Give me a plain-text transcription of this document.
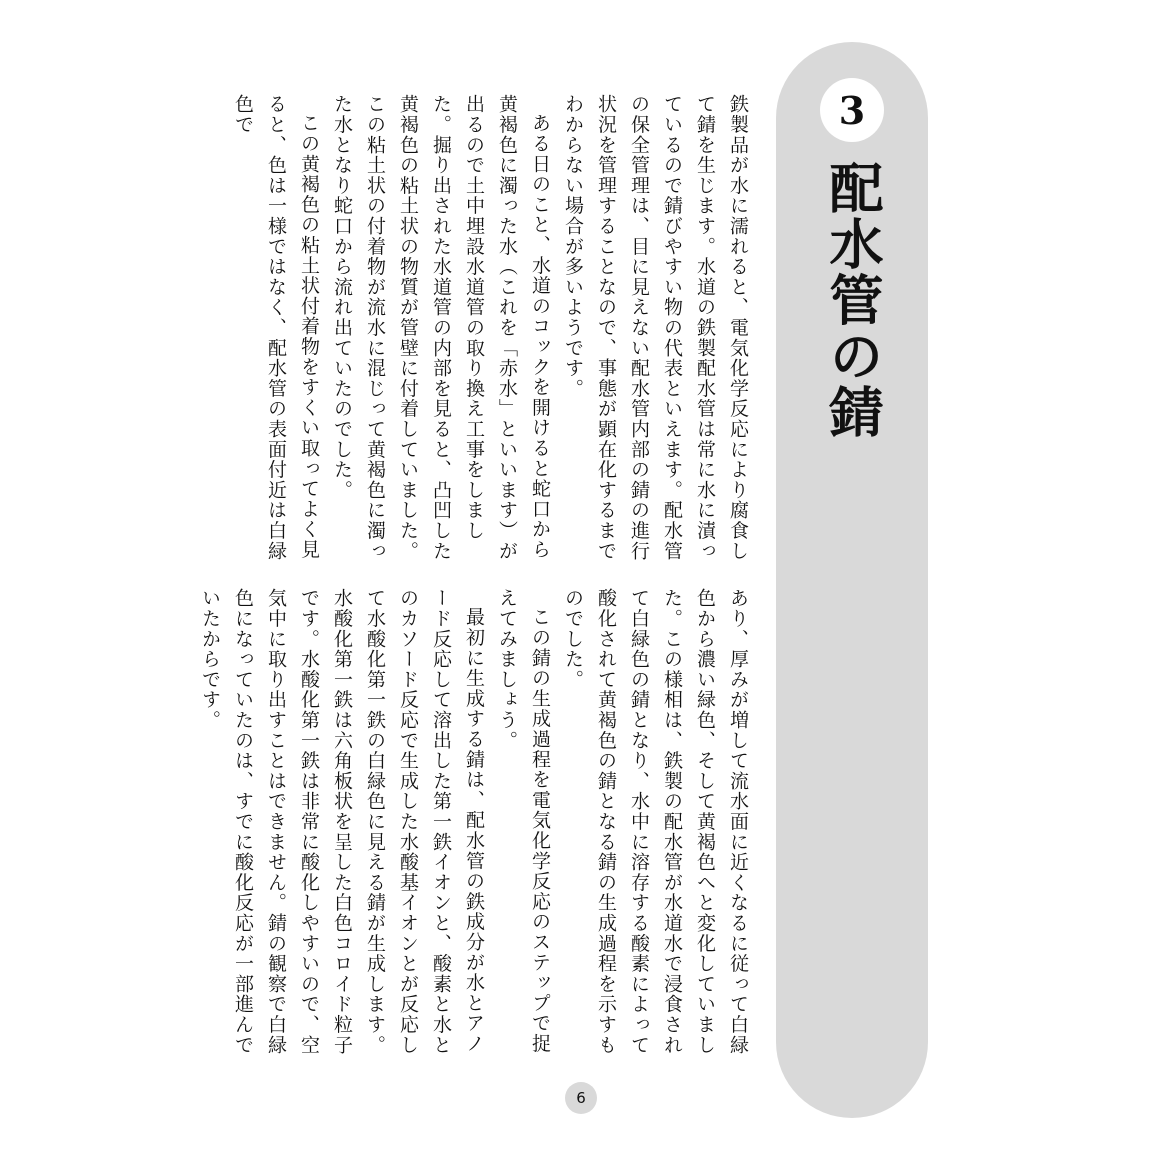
3
配水管の錆

鉄製品が水に濡れると、電気化学反応により腐食して錆を生じます。水道の鉄製配水管は常に水に漬っているので錆びやすい物の代表といえます。配水管の保全管理は、目に見えない配水管内部の錆の進行状況を管理することなので、事態が顕在化するまでわからない場合が多いようです。

ある日のこと、水道のコックを開けると蛇口から黄褐色に濁った水（これを「赤水」といいます）が出るので土中埋設水道管の取り換え工事をしました。掘り出された水道管の内部を見ると、凸凹した黄褐色の粘土状の物質が管壁に付着していました。この粘土状の付着物が流水に混じって黄褐色に濁った水となり蛇口から流れ出ていたのでした。

この黄褐色の粘土状付着物をすくい取ってよく見ると、色は一様ではなく、配水管の表面付近は白緑色で

あり、厚みが増して流水面に近くなるに従って白緑色から濃い緑色、そして黄褐色へと変化していました。この様相は、鉄製の配水管が水道水で浸食されて白緑色の錆となり、水中に溶存する酸素によって酸化されて黄褐色の錆となる錆の生成過程を示すものでした。

この錆の生成過程を電気化学反応のステップで捉えてみましょう。

最初に生成する錆は、配水管の鉄成分が水とアノード反応して溶出した第一鉄イオンと、酸素と水とのカソード反応で生成した水酸基イオンとが反応して水酸化第一鉄の白緑色に見える錆が生成します。水酸化第一鉄は六角板状を呈した白色コロイド粒子です。水酸化第一鉄は非常に酸化しやすいので、空気中に取り出すことはできません。錆の観察で白緑色になっていたのは、すでに酸化反応が一部進んでいたからです。

6
